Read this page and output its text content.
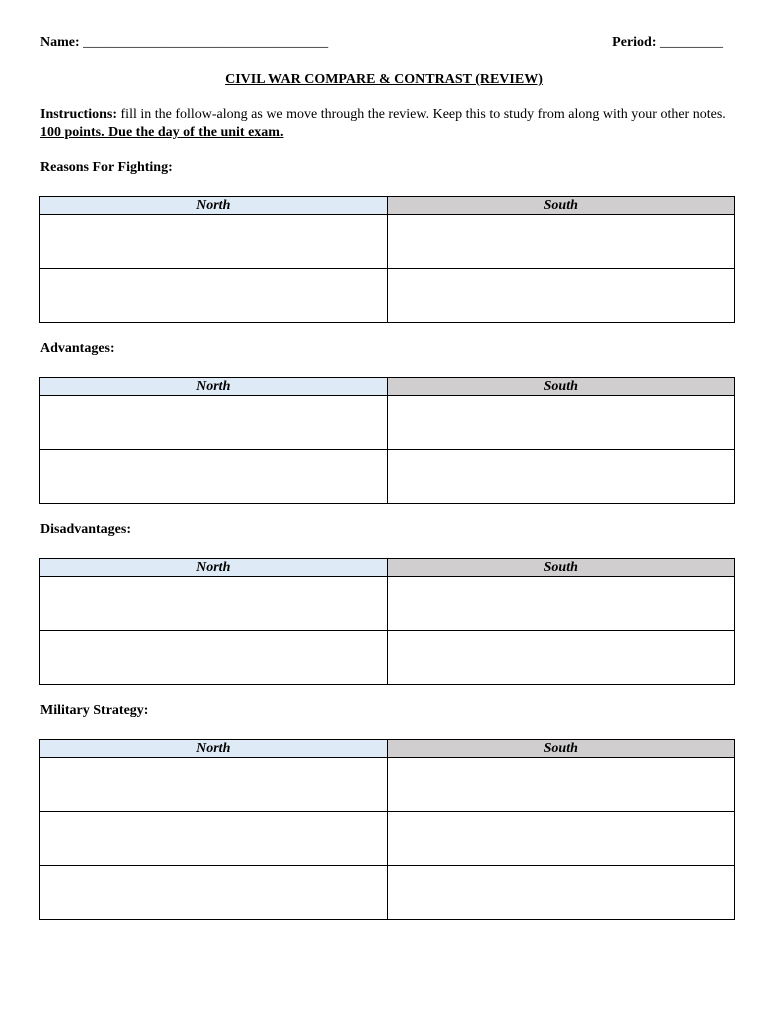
Name: ___________________________________	Period: _________
CIVIL WAR COMPARE & CONTRAST (REVIEW)
Instructions: fill in the follow-along as we move through the review. Keep this to study from along with your other notes. 100 points. Due the day of the unit exam.
Reasons For Fighting:
North	South

Advantages:
North	South

Disadvantages:
North	South

Military Strategy:
North	South
